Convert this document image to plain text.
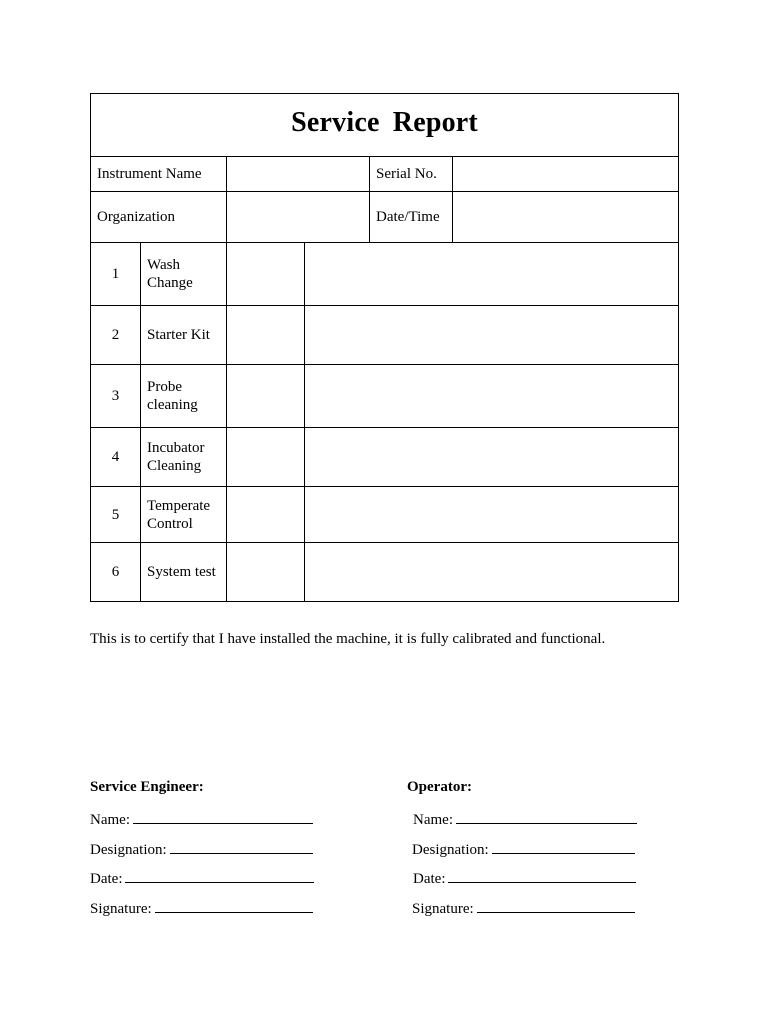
Service Report					
Instrument Name				Serial No.	
Organization				Date/Time	
1	Wash Change				
2	Starter Kit				
3	Probe cleaning				
4	Incubator Cleaning				
5	Temperate Control				
6	System test				
This is to certify that I have installed the machine, it is fully calibrated and functional.
Service Engineer:
Name:
Designation:
Date:
Signature:
Operator:
Name:
Designation:
Date:
Signature:
